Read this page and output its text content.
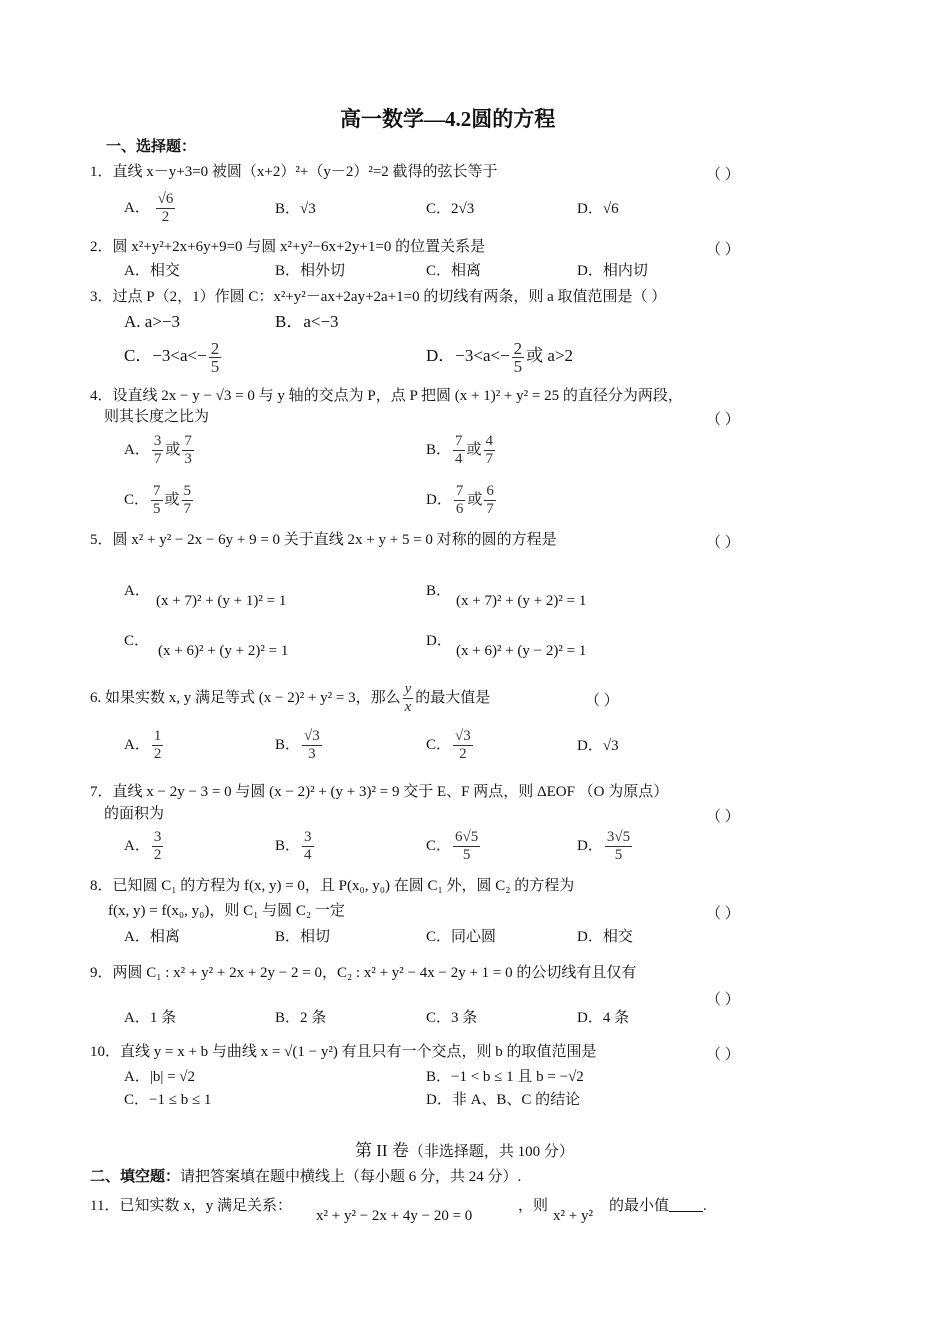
高一数学—4.2圆的方程
一、选择题：
1．直线 x－y+3=0 被圆（x+2）²+（y－2）²=2 截得的弦长等于	（ ）
A． $\frac{√6}{2}$	B．√3	C．2√3	D．√6
2．圆 x²+y²+2x+6y+9=0 与圆 x²+y²−6x+2y+1=0 的位置关系是	（ ）
A．相交	B．相外切	C．相离	D．相内切
3．过点 P（2，1）作圆 C：x²+y²－ax+2ay+2a+1=0 的切线有两条，则 a 取值范围是（ ）
A. a>−3	B．a<−3
C．$-3<a<- \frac{2}{5}$	D．$-3<a<- \frac{2}{5}$ 或 a>2
4．设直线 2x − y − √3 = 0 与 y 轴的交点为 P，点 P 把圆 (x + 1)² + y² = 25 的直径分为两段，
则其长度之比为	（ ）
A． $\frac{3}{7}$ 或 $\frac{7}{3}$	B． $\frac{7}{4}$ 或 $\frac{4}{7}$
C． $\frac{7}{5}$ 或 $\frac{5}{7}$	D． $\frac{7}{6}$ 或 $\frac{6}{7}$
5．圆 x² + y² − 2x − 6y + 9 = 0 关于直线 2x + y + 5 = 0 对称的圆的方程是	（ ）
A．
(x + 7)² + (y + 1)² = 1
B．
(x + 7)² + (y + 2)² = 1
C．
(x + 6)² + (y + 2)² = 1
D．
(x + 6)² + (y − 2)² = 1
6. 如果实数 x, y 满足等式 (x − 2)² + y² = 3，那么 $\frac{y}{x}$ 的最大值是	（ ）
A． $\frac{1}{2}$	B． $\frac{√3}{3}$	C． $\frac{√3}{2}$	D．√3
7．直线 x − 2y − 3 = 0 与圆 (x − 2)² + (y + 3)² = 9 交于 E、F 两点，则 ΔEOF （O 为原点）
的面积为	（ ）
A． $\frac{3}{2}$	B． $\frac{3}{4}$	C． $\frac{6√5}{5}$	D． $\frac{3√5}{5}$
8．已知圆 C₁ 的方程为 f(x, y) = 0，且 P(x₀, y₀) 在圆 C₁ 外，圆 C₂ 的方程为
f(x, y) = f(x₀, y₀)，则 C₁ 与圆 C₂ 一定	（ ）
A．相离	B．相切	C．同心圆	D．相交
9．两圆 C₁ : x² + y² + 2x + 2y − 2 = 0，C₂ : x² + y² − 4x − 2y + 1 = 0 的公切线有且仅有
（ ）
A．1 条	B．2 条	C．3 条	D．4 条
10．直线 y = x + b 与曲线 x = √(1 − y²) 有且只有一个交点，则 b 的取值范围是	（ ）
A．|b| = √2	B．−1 < b ≤ 1 且 b = −√2
C．−1 ≤ b ≤ 1	D．非 A、B、C 的结论
第 II 卷（非选择题，共 100 分）
二、填空题：请把答案填在题中横线上（每小题 6 分，共 24 分）.
11．已知实数 x，y 满足关系：
x² + y² − 2x + 4y − 20 = 0
，则
x² + y²
的最小值 .
